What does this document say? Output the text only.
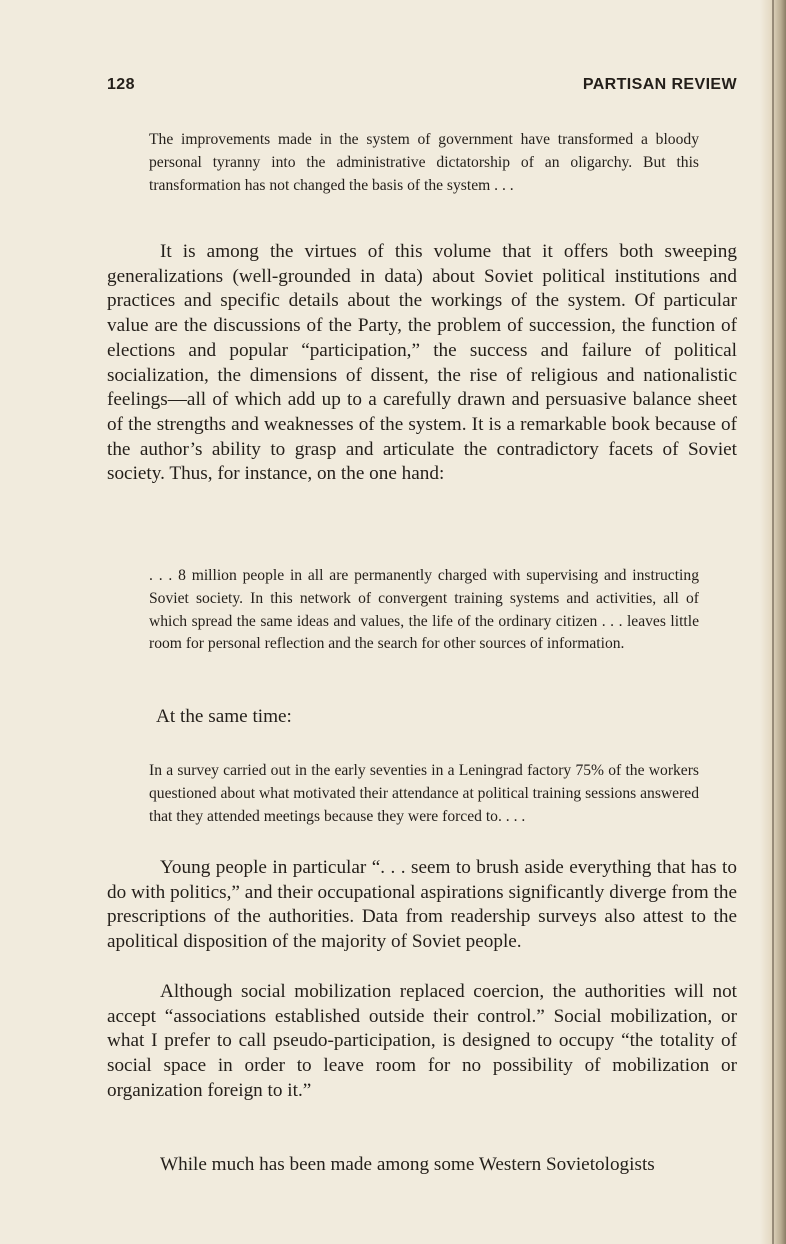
128	PARTISAN REVIEW

The improvements made in the system of government have transformed a bloody personal tyranny into the administrative dictatorship of an oligarchy. But this transformation has not changed the basis of the system . . .

It is among the virtues of this volume that it offers both sweeping generalizations (well-grounded in data) about Soviet political institutions and practices and specific details about the workings of the system. Of particular value are the discussions of the Party, the problem of succession, the function of elections and popular “participation,” the success and failure of political socialization, the dimensions of dissent, the rise of religious and nationalistic feelings—all of which add up to a carefully drawn and persuasive balance sheet of the strengths and weaknesses of the system. It is a remarkable book because of the author’s ability to grasp and articulate the contradictory facets of Soviet society. Thus, for instance, on the one hand:

. . . 8 million people in all are permanently charged with supervising and instructing Soviet society. In this network of convergent training systems and activities, all of which spread the same ideas and values, the life of the ordinary citizen . . . leaves little room for personal reflection and the search for other sources of information.

At the same time:

In a survey carried out in the early seventies in a Leningrad factory 75% of the workers questioned about what motivated their attendance at political training sessions answered that they attended meetings because they were forced to. . . .

Young people in particular “. . . seem to brush aside everything that has to do with politics,” and their occupational aspirations significantly diverge from the prescriptions of the authorities. Data from readership surveys also attest to the apolitical disposition of the majority of Soviet people.

Although social mobilization replaced coercion, the authorities will not accept “associations established outside their control.” Social mobilization, or what I prefer to call pseudo-participation, is designed to occupy “the totality of social space in order to leave room for no possibility of mobilization or organization foreign to it.”

While much has been made among some Western Sovietologists
